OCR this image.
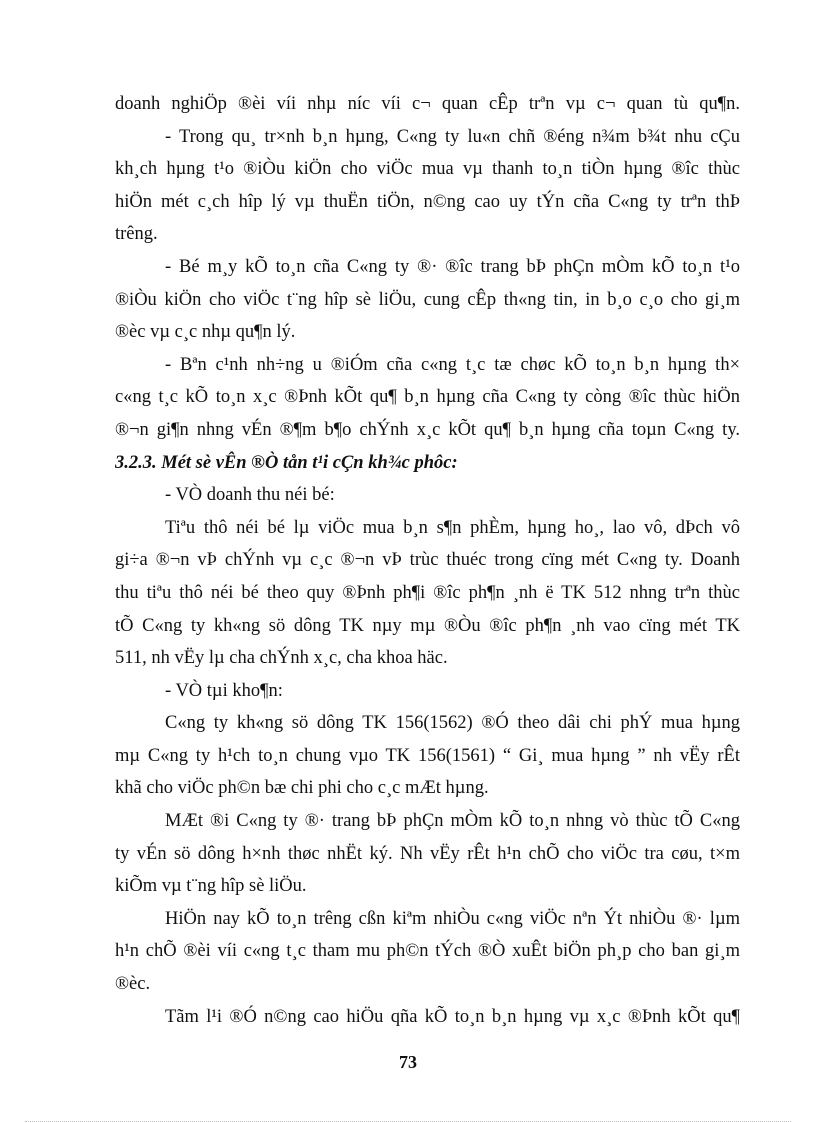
doanh nghiÖp ®èi víi nhµ níc víi c¬ quan cÊp trªn vµ c¬ quan tù qu¶n.
- Trong qu¸ tr×nh b¸n hµng, C«ng ty lu«n chñ ®éng n¾m b¾t nhu cÇu
kh¸ch hµng t¹o ®iÒu kiÖn cho viÖc mua vµ thanh to¸n tiÒn hµng ®îc thùc
hiÖn mét c¸ch hîp lý vµ thuËn tiÖn, n©ng cao uy tÝn cña C«ng ty trªn thÞ
trêng.
- Bé m¸y kÕ to¸n cña C«ng ty ®· ®îc trang bÞ phÇn mÒm kÕ to¸n t¹o
®iÒu kiÖn cho viÖc t¨ng hîp sè liÖu, cung cÊp th«ng tin, in b¸o c¸o cho gi¸m
®èc vµ c¸c nhµ qu¶n lý.
- Bªn c¹nh nh÷ng u ®iÓm cña c«ng t¸c tæ chøc kÕ to¸n b¸n hµng th×
c«ng t¸c kÕ to¸n x¸c ®Þnh kÕt qu¶ b¸n hµng cña C«ng ty còng ®îc thùc hiÖn
®¬n gi¶n nhng vÉn ®¶m b¶o chÝnh x¸c kÕt qu¶ b¸n hµng cña toµn C«ng ty.
3.2.3. Mét sè vÊn ®Ò tån t¹i cÇn kh¾c phôc:
- VÒ doanh thu néi bé:
Tiªu thô néi bé lµ viÖc mua b¸n s¶n phÈm, hµng ho¸, lao vô, dÞch vô
gi÷a ®¬n vÞ chÝnh vµ c¸c ®¬n vÞ trùc thuéc trong cïng mét C«ng ty. Doanh
thu tiªu thô néi bé theo quy ®Þnh ph¶i ®îc ph¶n ¸nh ë TK 512 nhng trªn thùc
tÕ C«ng ty kh«ng sö dông TK nµy mµ ®Òu ®îc ph¶n ¸nh vao cïng mét TK
511, nh vËy lµ cha chÝnh x¸c, cha khoa häc.
- VÒ tµi kho¶n:
C«ng ty kh«ng sö dông TK 156(1562) ®Ó theo dâi chi phÝ mua hµng
mµ C«ng ty h¹ch to¸n chung vµo TK 156(1561) “ Gi¸ mua hµng ” nh vËy rÊt
khã cho viÖc ph©n bæ chi phi cho c¸c mÆt hµng.
MÆt ®i C«ng ty ®· trang bÞ phÇn mÒm kÕ to¸n nhng vò thùc tÕ C«ng
ty vÉn sö dông h×nh thøc nhËt ký. Nh vËy rÊt h¹n chÕ cho viÖc tra cøu, t×m
kiÕm vµ t¨ng hîp sè liÖu.
HiÖn nay kÕ to¸n trêng cßn kiªm nhiÒu c«ng viÖc nªn Ýt nhiÒu ®· lµm
h¹n chÕ ®èi víi c«ng t¸c tham mu ph©n tÝch ®Ò xuÊt biÖn ph¸p cho ban gi¸m
®èc.
Tãm l¹i ®Ó n©ng cao hiÖu qña kÕ to¸n b¸n hµng vµ x¸c ®Þnh kÕt qu¶
73
